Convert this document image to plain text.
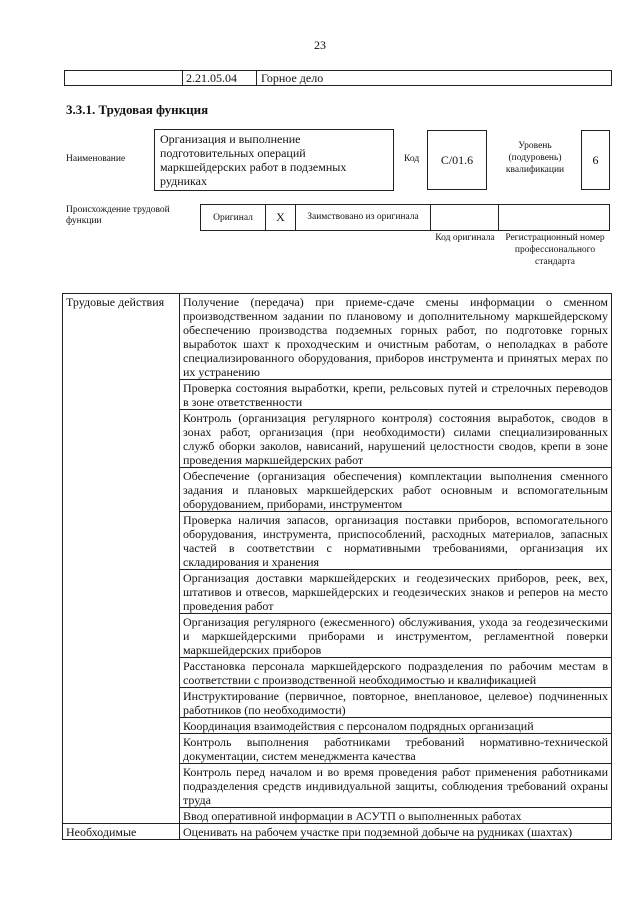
23
2.21.05.04	Горное дело
3.3.1. Трудовая функция
Наименование
Организация и выполнение подготовительных операций маркшейдерских работ в подземных рудниках
Код	C/01.6
Уровень (подуровень) квалификации
6
Происхождение трудовой функции	Оригинал	X	Заимствовано из оригинала
Код оригинала	Регистрационный номер профессионального стандарта
Трудовые действия	Получение (передача) при приеме-сдаче смены информации о сменном производственном задании по плановому и дополнительному маркшейдерскому обеспечению производства подземных горных работ, по подготовке горных выработок шахт к проходческим и очистным работам, о неполадках в работе специализированного оборудования, приборов инструмента и принятых мерах по их устранению
	Проверка состояния выработки, крепи, рельсовых путей и стрелочных переводов в зоне ответственности
	Контроль (организация регулярного контроля) состояния выработок, сводов в зонах работ, организация (при необходимости) силами специализированных служб оборки заколов, нависаний, нарушений целостности сводов, крепи в зоне проведения маркшейдерских работ
	Обеспечение (организация обеспечения) комплектации выполнения сменного задания и плановых маркшейдерских работ основным и вспомогательным оборудованием, приборами, инструментом
	Проверка наличия запасов, организация поставки приборов, вспомогательного оборудования, инструмента, приспособлений, расходных материалов, запасных частей в соответствии с нормативными требованиями, организация их складирования и хранения
	Организация доставки маркшейдерских и геодезических приборов, реек, вех, штативов и отвесов, маркшейдерских и геодезических знаков и реперов на место проведения работ
	Организация регулярного (ежесменного) обслуживания, ухода за геодезическими и маркшейдерскими приборами и инструментом, регламентной поверки маркшейдерских приборов
	Расстановка персонала маркшейдерского подразделения по рабочим местам в соответствии с производственной необходимостью и квалификацией
	Инструктирование (первичное, повторное, внеплановое, целевое) подчиненных работников (по необходимости)
	Координация взаимодействия с персоналом подрядных организаций
	Контроль выполнения работниками требований нормативно-технической документации, систем менеджмента качества
	Контроль перед началом и во время проведения работ применения работниками подразделения средств индивидуальной защиты, соблюдения требований охраны труда
	Ввод оперативной информации в АСУТП о выполненных работах
Необходимые	Оценивать на рабочем участке при подземной добыче на рудниках (шахтах)
